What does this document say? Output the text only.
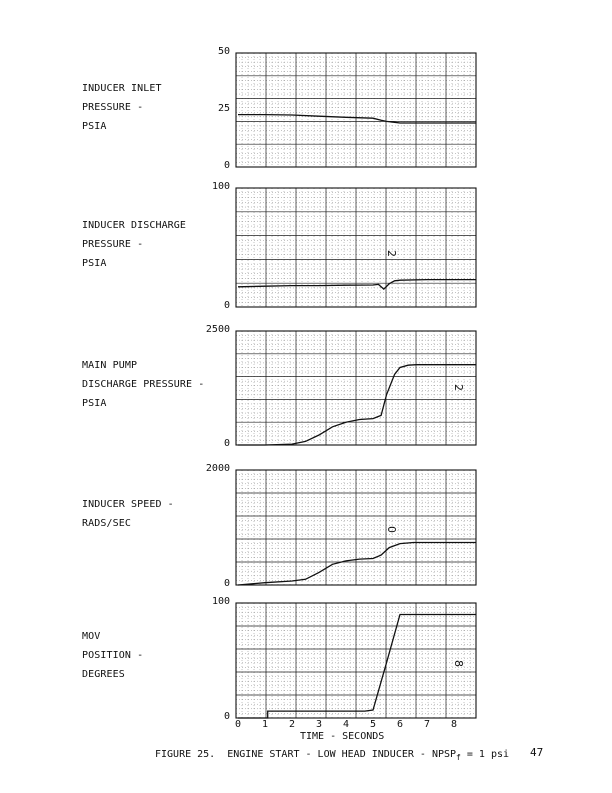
2
2
0
8
INDUCER INLET
PRESSURE -
PSIA
INDUCER DISCHARGE
PRESSURE -
PSIA
MAIN PUMP
DISCHARGE PRESSURE -
PSIA
INDUCER SPEED -
RADS/SEC
MOV
POSITION -
DEGREES
TIME - SECONDS
FIGURE 25.  ENGINE START - LOW HEAD INDUCER - $NPSP_f = 1$ psi 47
50
25
0
100
0
2500
0
2000
0
100
0
0 1 2 3 4 5 6 7 8
